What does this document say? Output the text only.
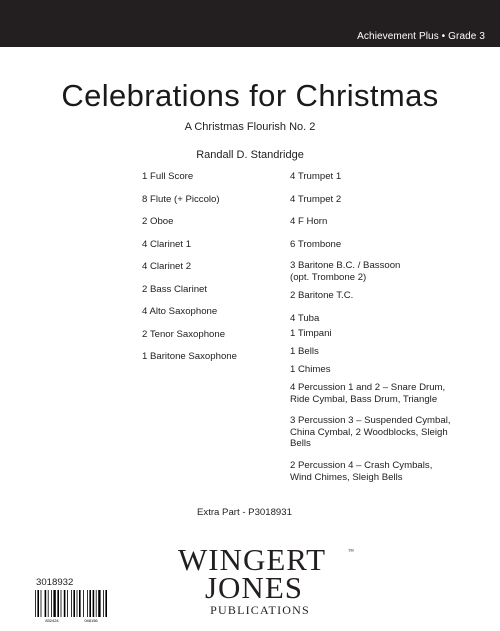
Achievement Plus • Grade 3
Celebrations for Christmas
A Christmas Flourish No. 2
Randall D. Standridge
1 Full Score
8 Flute (+ Piccolo)
2 Oboe
4 Clarinet 1
4 Clarinet 2
2 Bass Clarinet
4 Alto Saxophone
2 Tenor Saxophone
1 Baritone Saxophone
4 Trumpet 1
4 Trumpet 2
4 F Horn
6 Trombone
3 Baritone B.C. / Bassoon
(opt. Trombone 2)
2 Baritone T.C.
4 Tuba
1 Timpani
1 Bells
1 Chimes
4 Percussion 1 and 2 – Snare Drum,
Ride Cymbal, Bass Drum, Triangle
3 Percussion 3 – Suspended Cymbal,
China Cymbal, 2 Woodblocks, Sleigh
Bells
2 Percussion 4 – Crash Cymbals,
Wind Chimes, Sleigh Bells
Extra Part - P3018931
3018932
832424	048156
WINGERT	™
JONES
PUBLICATIONS
